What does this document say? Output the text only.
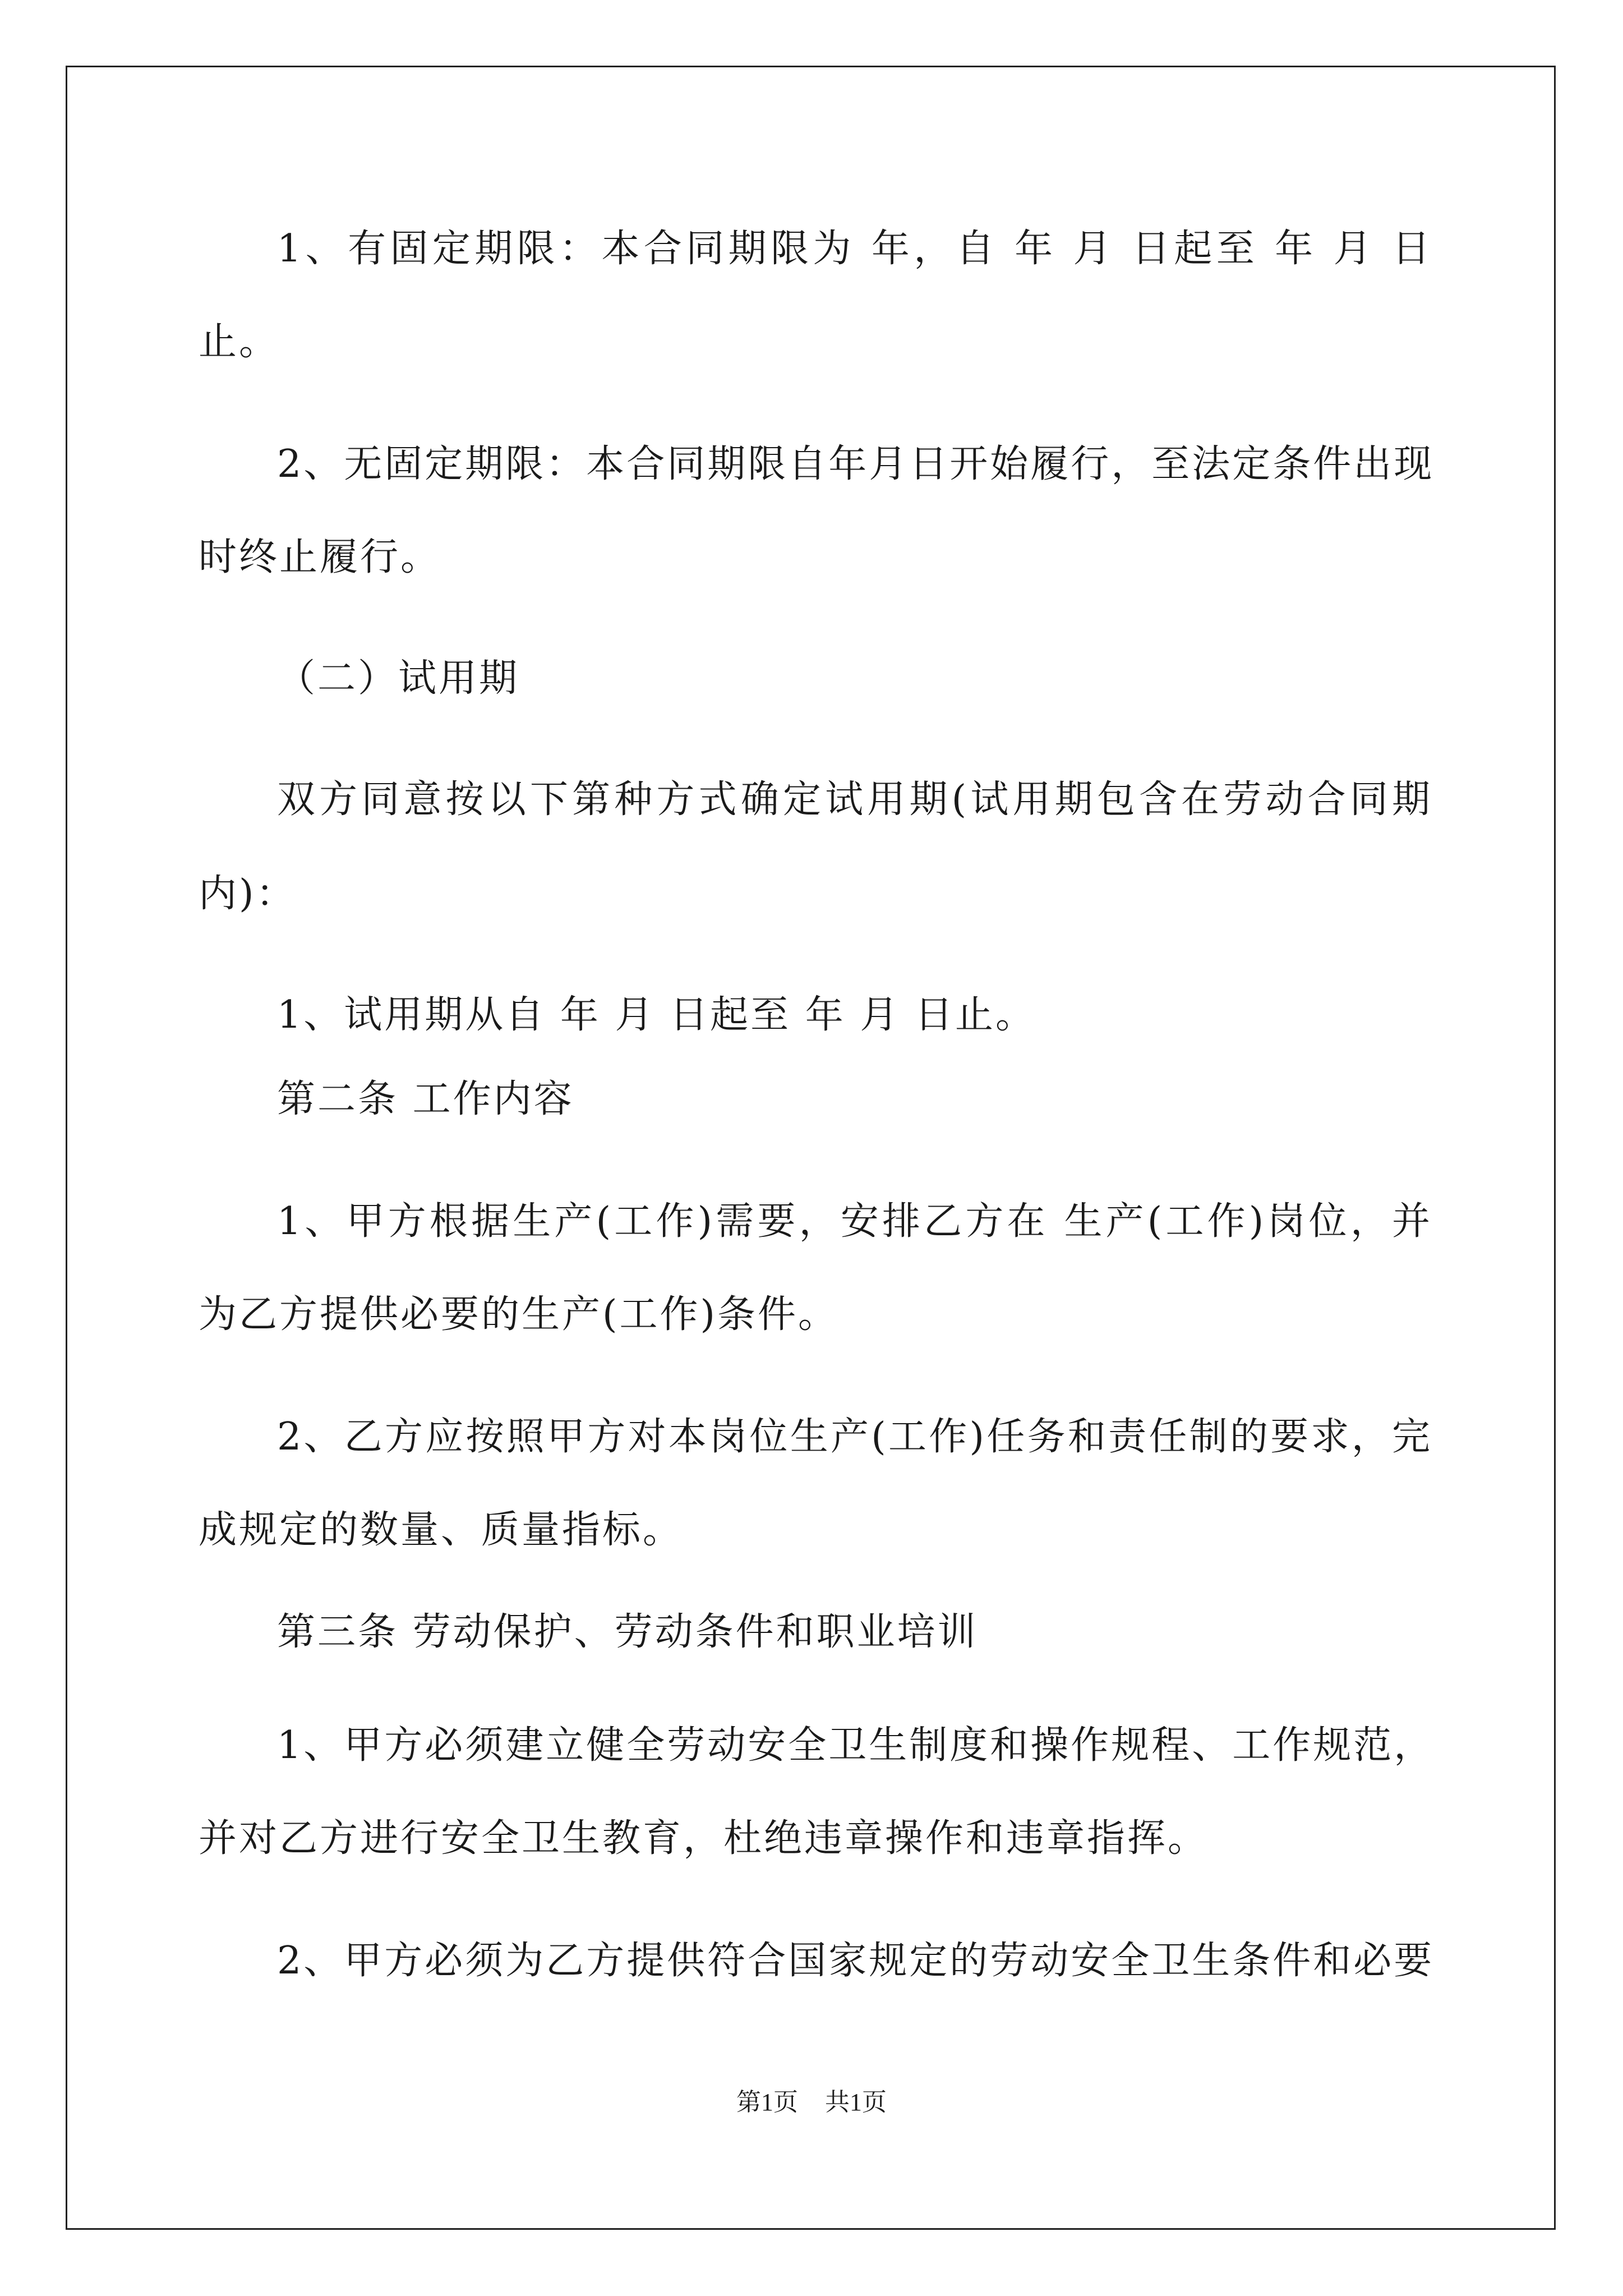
1、有固定期限：本合同期限为 年，自 年 月 日起至 年 月 日
止。
2、无固定期限：本合同期限自年月日开始履行，至法定条件出现
时终止履行。
（二）试用期
双方同意按以下第种方式确定试用期(试用期包含在劳动合同期
内)：
1、试用期从自 年 月 日起至 年 月 日止。
第二条 工作内容
1、甲方根据生产(工作)需要，安排乙方在 生产(工作)岗位，并
为乙方提供必要的生产(工作)条件。
2、乙方应按照甲方对本岗位生产(工作)任务和责任制的要求，完
成规定的数量、质量指标。
第三条 劳动保护、劳动条件和职业培训
1、甲方必须建立健全劳动安全卫生制度和操作规程、工作规范，
并对乙方进行安全卫生教育，杜绝违章操作和违章指挥。
2、甲方必须为乙方提供符合国家规定的劳动安全卫生条件和必要
第1页 共1页
